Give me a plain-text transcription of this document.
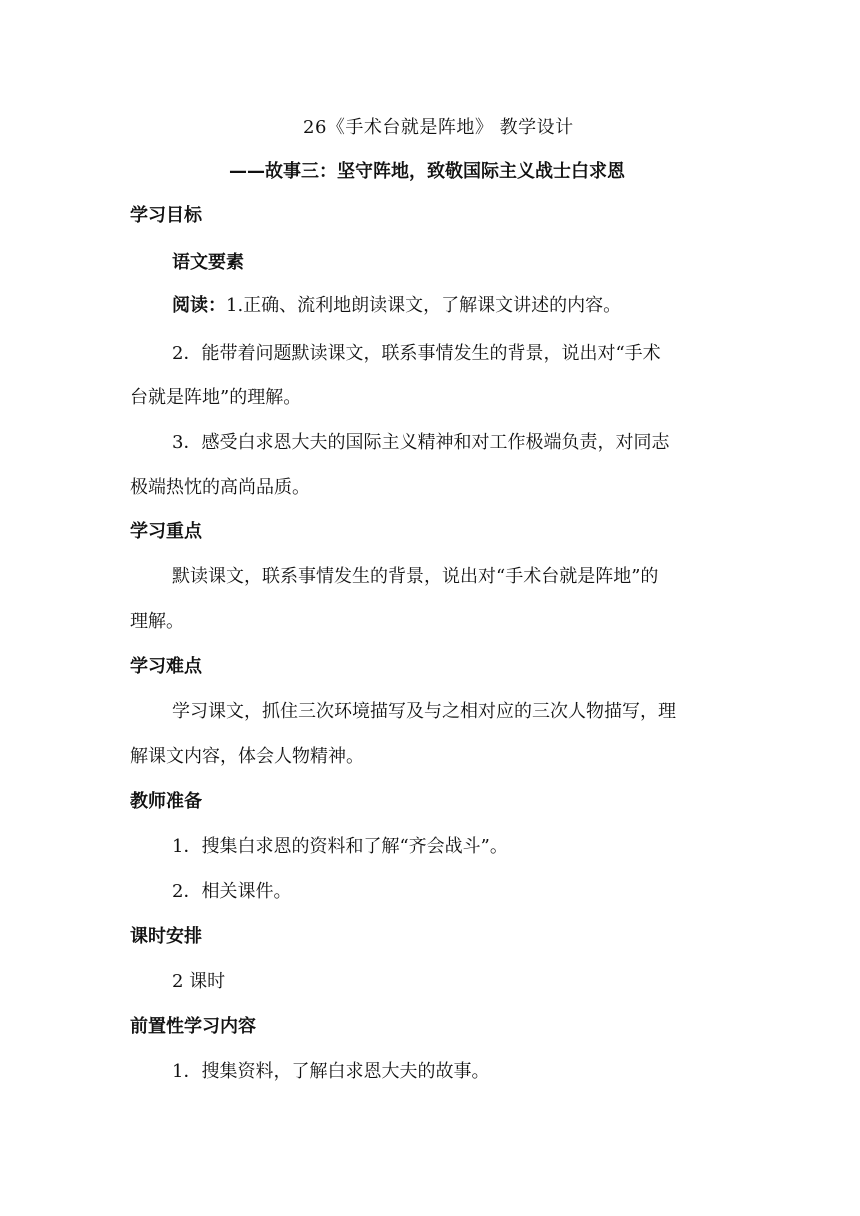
26《手术台就是阵地》 教学设计
——故事三：坚守阵地，致敬国际主义战士白求恩
学习目标
语文要素
阅读：1.正确、流利地朗读课文，了解课文讲述的内容。
2．能带着问题默读课文，联系事情发生的背景，说出对“手术
台就是阵地”的理解。
3．感受白求恩大夫的国际主义精神和对工作极端负责，对同志
极端热忱的高尚品质。
学习重点
默读课文，联系事情发生的背景，说出对“手术台就是阵地”的
理解。
学习难点
学习课文，抓住三次环境描写及与之相对应的三次人物描写，理
解课文内容，体会人物精神。
教师准备
1．搜集白求恩的资料和了解“齐会战斗”。
2．相关课件。
课时安排
2 课时
前置性学习内容
1．搜集资料，了解白求恩大夫的故事。
